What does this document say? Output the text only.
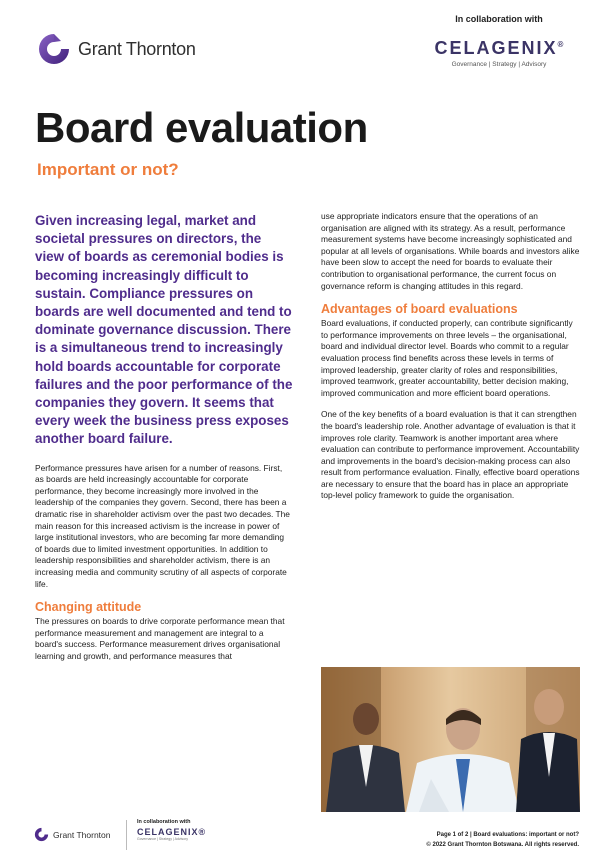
Grant Thornton
In collaboration with
CELAGENIX®
Governance | Strategy | Advisory
Board evaluation
Important or not?

Given increasing legal, market and societal pressures on directors, the view of boards as ceremonial bodies is becoming increasingly difficult to sustain. Compliance pressures on boards are well documented and tend to dominate governance discussion. There is a simultaneous trend to increasingly hold boards accountable for corporate failures and the poor performance of the companies they govern. It seems that every week the business press exposes another board failure.

Performance pressures have arisen for a number of reasons. First, as boards are held increasingly accountable for corporate performance, they become increasingly more involved in the leadership of the companies they govern. Second, there has been a dramatic rise in shareholder activism over the past two decades. The main reason for this increased activism is the increase in power of large institutional investors, who are becoming far more demanding of boards due to limited investment opportunities. In addition to leadership responsibilities and shareholder activism, there is an increasing media and community scrutiny of all aspects of corporate life.

Changing attitude

The pressures on boards to drive corporate performance mean that performance measurement and management are integral to a board's success. Performance measurement drives organisational learning and growth, and performance measures that

use appropriate indicators ensure that the operations of an organisation are aligned with its strategy. As a result, performance measurement systems have become increasingly sophisticated and popular at all levels of organisations. While boards and investors alike have been slow to accept the need for boards to evaluate their contribution to organisational performance, the current focus on governance reform is changing attitudes in this regard.

Advantages of board evaluations

Board evaluations, if conducted properly, can contribute significantly to performance improvements on three levels – the organisational, board and individual director level. Boards who commit to a regular evaluation process find benefits across these levels in terms of improved leadership, greater clarity of roles and responsibilities, improved teamwork, greater accountability, better decision making, improved communication and more efficient board operations.

One of the key benefits of a board evaluation is that it can strengthen the board's leadership role. Another advantage of evaluation is that it improves role clarity. Teamwork is another important area where evaluation can contribute to performance improvement. Accountability and improvements in the board's decision-making process can also result from performance evaluation. Finally, effective board operations are necessary to ensure that the board has in place an appropriate top-level policy framework to guide the organisation.

Grant Thornton
In collaboration with
CELAGENIX®
Governance | Strategy | Advisory
Page 1 of 2 | Board evaluations: important or not?
© 2022 Grant Thornton Botswana. All rights reserved.
